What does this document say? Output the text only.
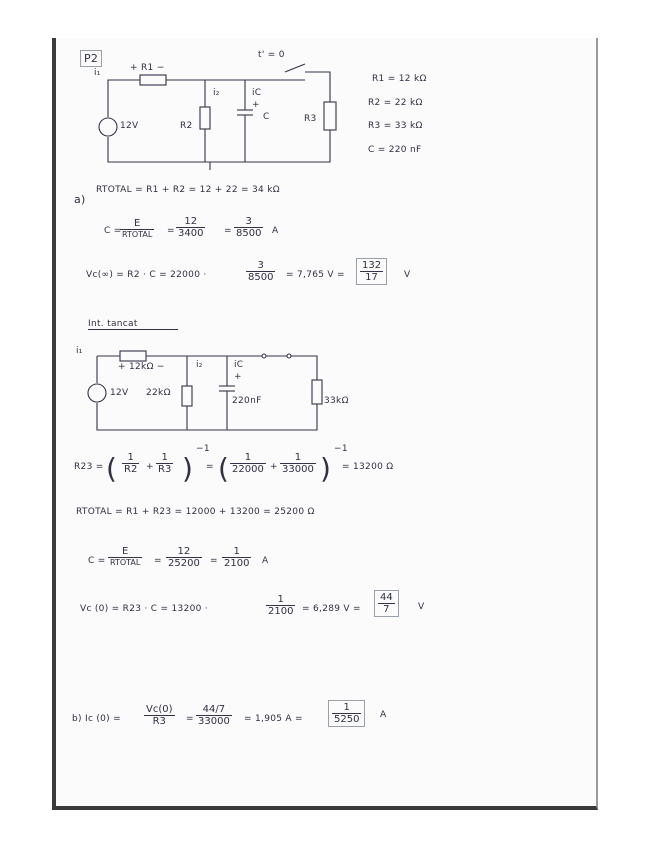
P2	t' = 0
i₁	+ R1 −
12V	R2
i₂	iC
+
C	R3
R1 = 12 kΩ
R2 = 22 kΩ
R3 = 33 kΩ
C = 220 nF
a)
RTOTAL = R1 + R2 = 12 + 22 = 34 kΩ
C =
E
RTOTAL = $\frac{12}{3400} = \frac{3}{8500}$ A
Vc(∞) = R2 · C = 22000 ·	$\frac{3}{8500} = 7,765$ $V = \frac{132}{17}$ V
Int. tancat
i₁
+ 12kΩ −
12V 22kΩ
i₂	iC
+
220nF	33kΩ
R23 = ( $\frac{1}{R2} + \frac{1}{R3}$ )
−1
= ( $\frac{1}{22000} + \frac{1}{33000}$ )
−1
= 13200 Ω
RTOTAL = R1 + R23 = 12000 + 13200 = 25200 Ω
C =
E
RTOTAL = $\frac{12}{25200} = \frac{1}{2100}$ A
Vc (0) = R23 · C = 13200 ·	$\frac{1}{2100} = 6,289$ $V = \frac{44}{7}$ V
b) Ic $(0) = \frac{Vc(0)}{R3} = \frac{44/7}{33000} = 1,905$ A =	$\frac{1}{5250}$ A
